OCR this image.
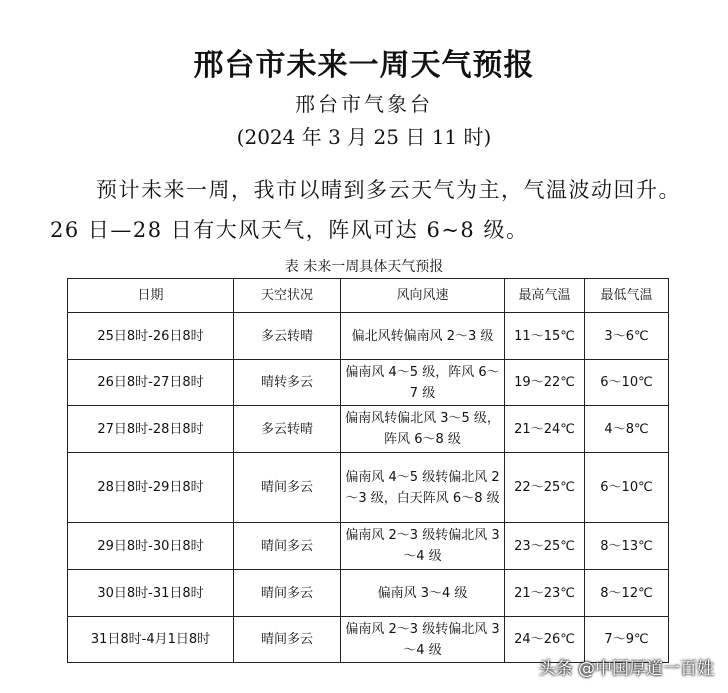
邢台市未来一周天气预报
邢台市气象台
(2024 年 3 月 25 日 11 时)
预计未来一周，我市以晴到多云天气为主，气温波动回升。26 日—28 日有大风天气，阵风可达 6~8 级。
表 未来一周具体天气预报
日期	天空状况	风向风速	最高气温	最低气温
25日8时-26日8时	多云转晴	偏北风转偏南风 2～3 级	11～15℃	3～6℃
26日8时-27日8时	晴转多云	偏南风 4～5 级，阵风 6～7 级	19～22℃	6～10℃
27日8时-28日8时	多云转晴	偏南风转偏北风 3～5 级，阵风 6～8 级	21～24℃	4～8℃
28日8时-29日8时	晴间多云	偏南风 4～5 级转偏北风 2～3 级，白天阵风 6～8 级	22～25℃	6～10℃
29日8时-30日8时	晴间多云	偏南风 2～3 级转偏北风 3～4 级	23～25℃	8～13℃
30日8时-31日8时	晴间多云	偏南风 3～4 级	21～23℃	8～12℃
31日8时-4月1日8时	晴间多云	偏南风 2～3 级转偏北风 3～4 级	24～26℃	7～9℃
头条 @中国厚道一百姓
